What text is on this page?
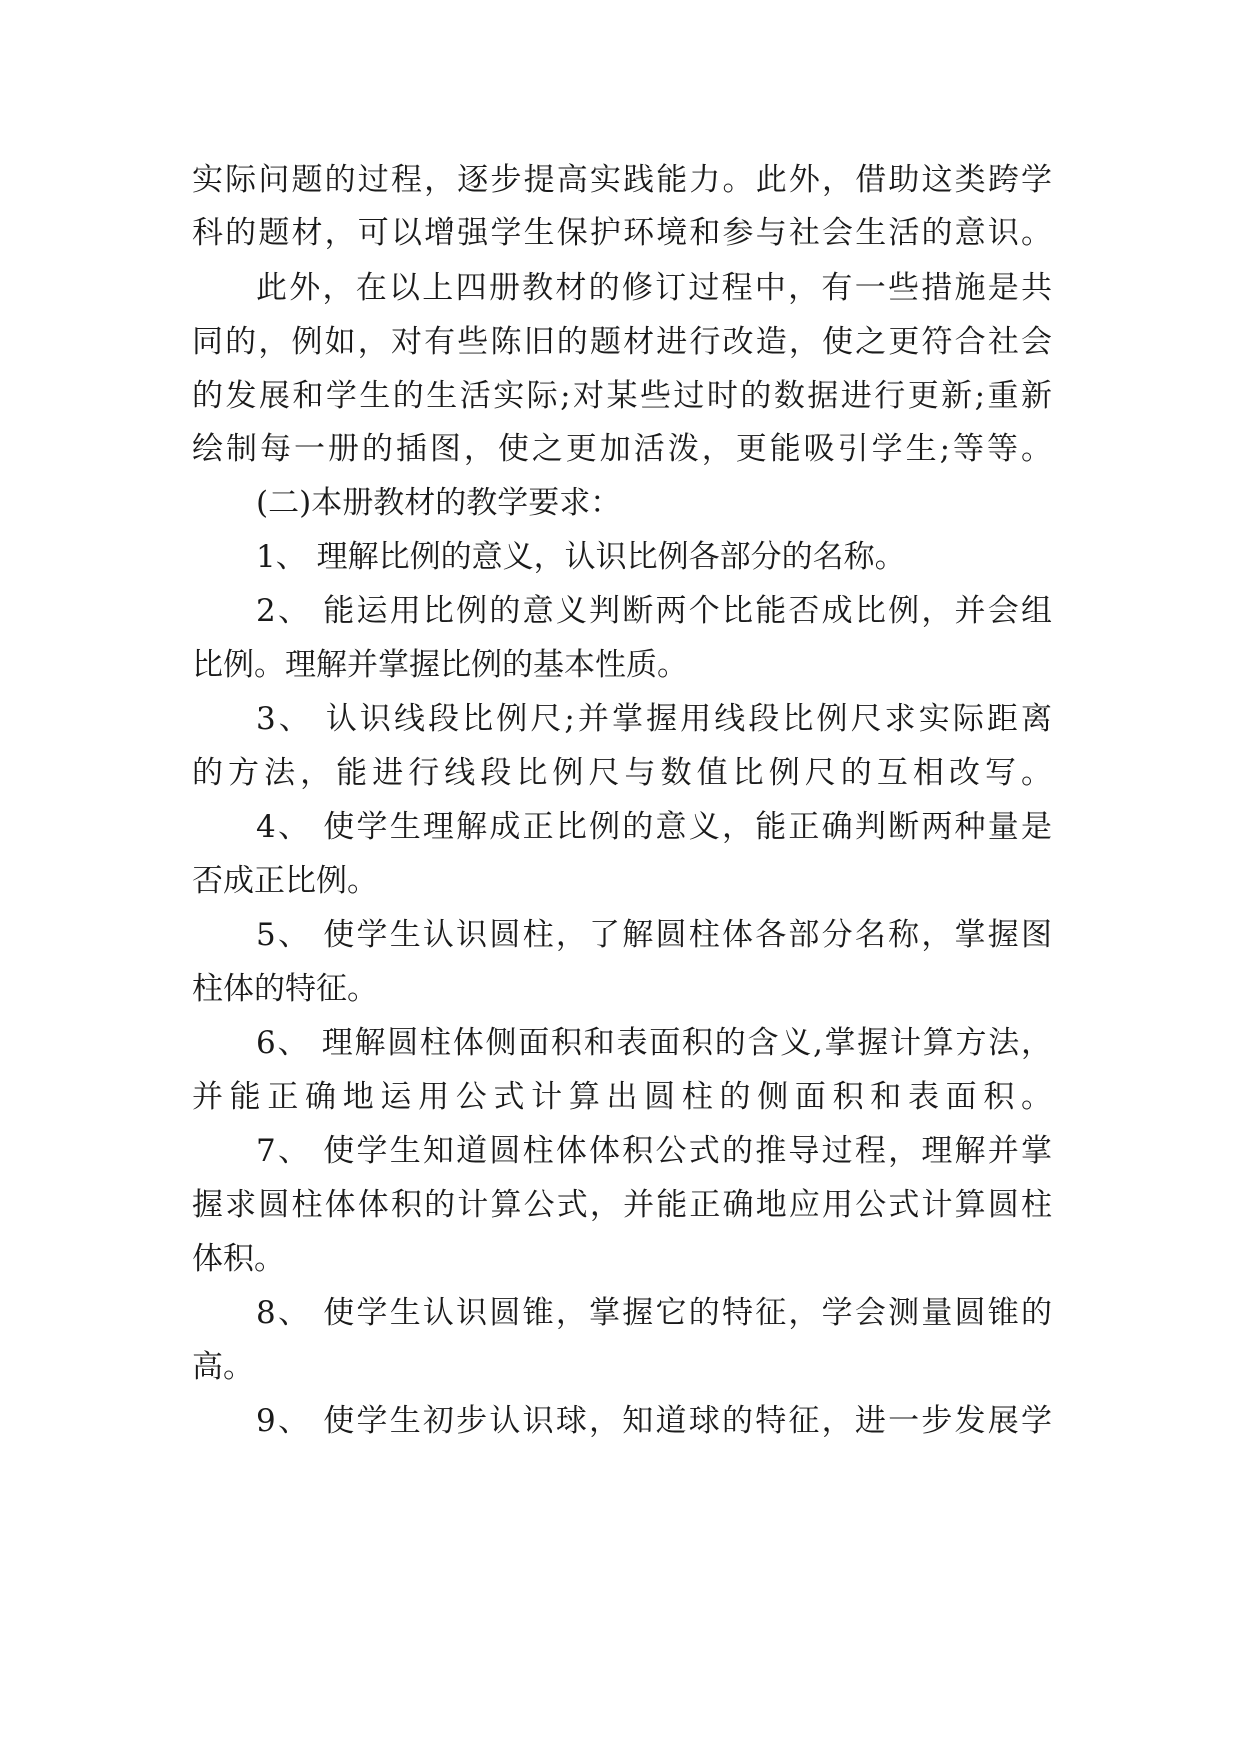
实际问题的过程，逐步提高实践能力。此外，借助这类跨学
科的题材，可以增强学生保护环境和参与社会生活的意识。
此外，在以上四册教材的修订过程中，有一些措施是共
同的，例如，对有些陈旧的题材进行改造，使之更符合社会
的发展和学生的生活实际;对某些过时的数据进行更新;重新
绘制每一册的插图，使之更加活泼，更能吸引学生;等等。
(二)本册教材的教学要求：
1、 理解比例的意义，认识比例各部分的名称。
2、 能运用比例的意义判断两个比能否成比例，并会组
比例。理解并掌握比例的基本性质。
3、 认识线段比例尺;并掌握用线段比例尺求实际距离
的方法，能进行线段比例尺与数值比例尺的互相改写。
4、 使学生理解成正比例的意义，能正确判断两种量是
否成正比例。
5、 使学生认识圆柱，了解圆柱体各部分名称，掌握图
柱体的特征。
6、 理解圆柱体侧面积和表面积的含义,掌握计算方法，
并能正确地运用公式计算出圆柱的侧面积和表面积。
7、 使学生知道圆柱体体积公式的推导过程，理解并掌
握求圆柱体体积的计算公式，并能正确地应用公式计算圆柱
体积。
8、 使学生认识圆锥，掌握它的特征，学会测量圆锥的
高。
9、 使学生初步认识球，知道球的特征，进一步发展学
